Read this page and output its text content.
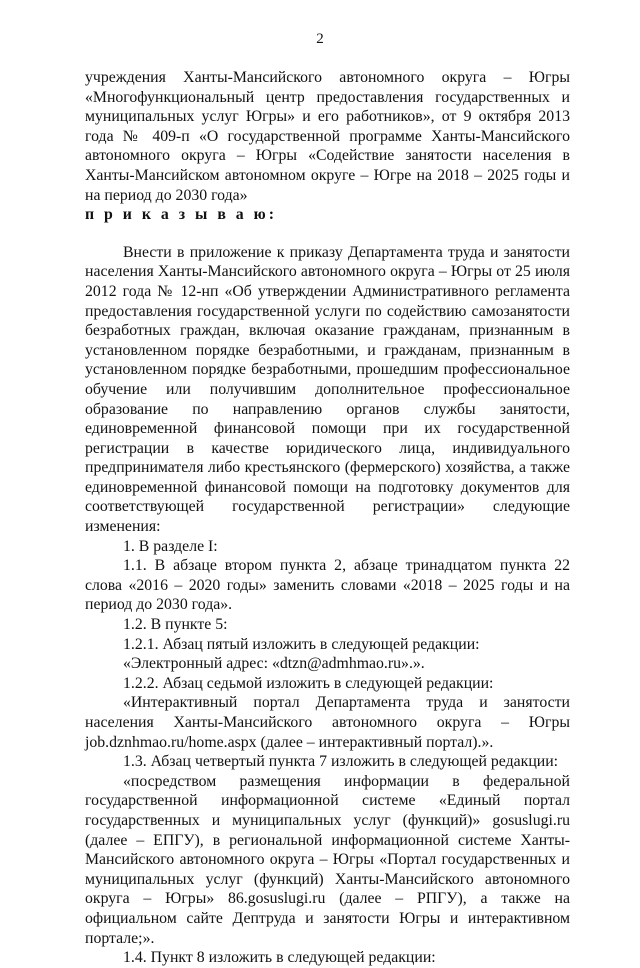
2

учреждения Ханты-Мансийского автономного округа – Югры «Многофункциональный центр предоставления государственных и муниципальных услуг Югры» и его работников», от 9 октября 2013 года № 409-п «О государственной программе Ханты-Мансийского автономного округа – Югры «Содействие занятости населения в Ханты-Мансийском автономном округе – Югре на 2018 – 2025 годы и на период до 2030 года»

п р и к а з ы в а ю:

Внести в приложение к приказу Департамента труда и занятости населения Ханты-Мансийского автономного округа – Югры от 25 июля 2012 года № 12-нп «Об утверждении Административного регламента предоставления государственной услуги по содействию самозанятости безработных граждан, включая оказание гражданам, признанным в установленном порядке безработными, и гражданам, признанным в установленном порядке безработными, прошедшим профессиональное обучение или получившим дополнительное профессиональное образование по направлению органов службы занятости, единовременной финансовой помощи при их государственной регистрации в качестве юридического лица, индивидуального предпринимателя либо крестьянского (фермерского) хозяйства, а также единовременной финансовой помощи на подготовку документов для соответствующей государственной регистрации» следующие изменения:

1. В разделе I:

1.1. В абзаце втором пункта 2, абзаце тринадцатом пункта 22 слова «2016 – 2020 годы» заменить словами «2018 – 2025 годы и на период до 2030 года».

1.2. В пункте 5:

1.2.1. Абзац пятый изложить в следующей редакции:

«Электронный адрес: «dtzn@admhmao.ru».».

1.2.2. Абзац седьмой изложить в следующей редакции:

«Интерактивный портал Департамента труда и занятости населения Ханты-Мансийского автономного округа – Югры job.dznhmao.ru/home.aspx (далее – интерактивный портал).».

1.3. Абзац четвертый пункта 7 изложить в следующей редакции:

«посредством размещения информации в федеральной государственной информационной системе «Единый портал государственных и муниципальных услуг (функций)» gosuslugi.ru (далее – ЕПГУ), в региональной информационной системе Ханты-Мансийского автономного округа – Югры «Портал государственных и муниципальных услуг (функций) Ханты-Мансийского автономного округа – Югры» 86.gosuslugi.ru (далее – РПГУ), а также на официальном сайте Дептруда и занятости Югры и интерактивном портале;».

1.4. Пункт 8 изложить в следующей редакции:
